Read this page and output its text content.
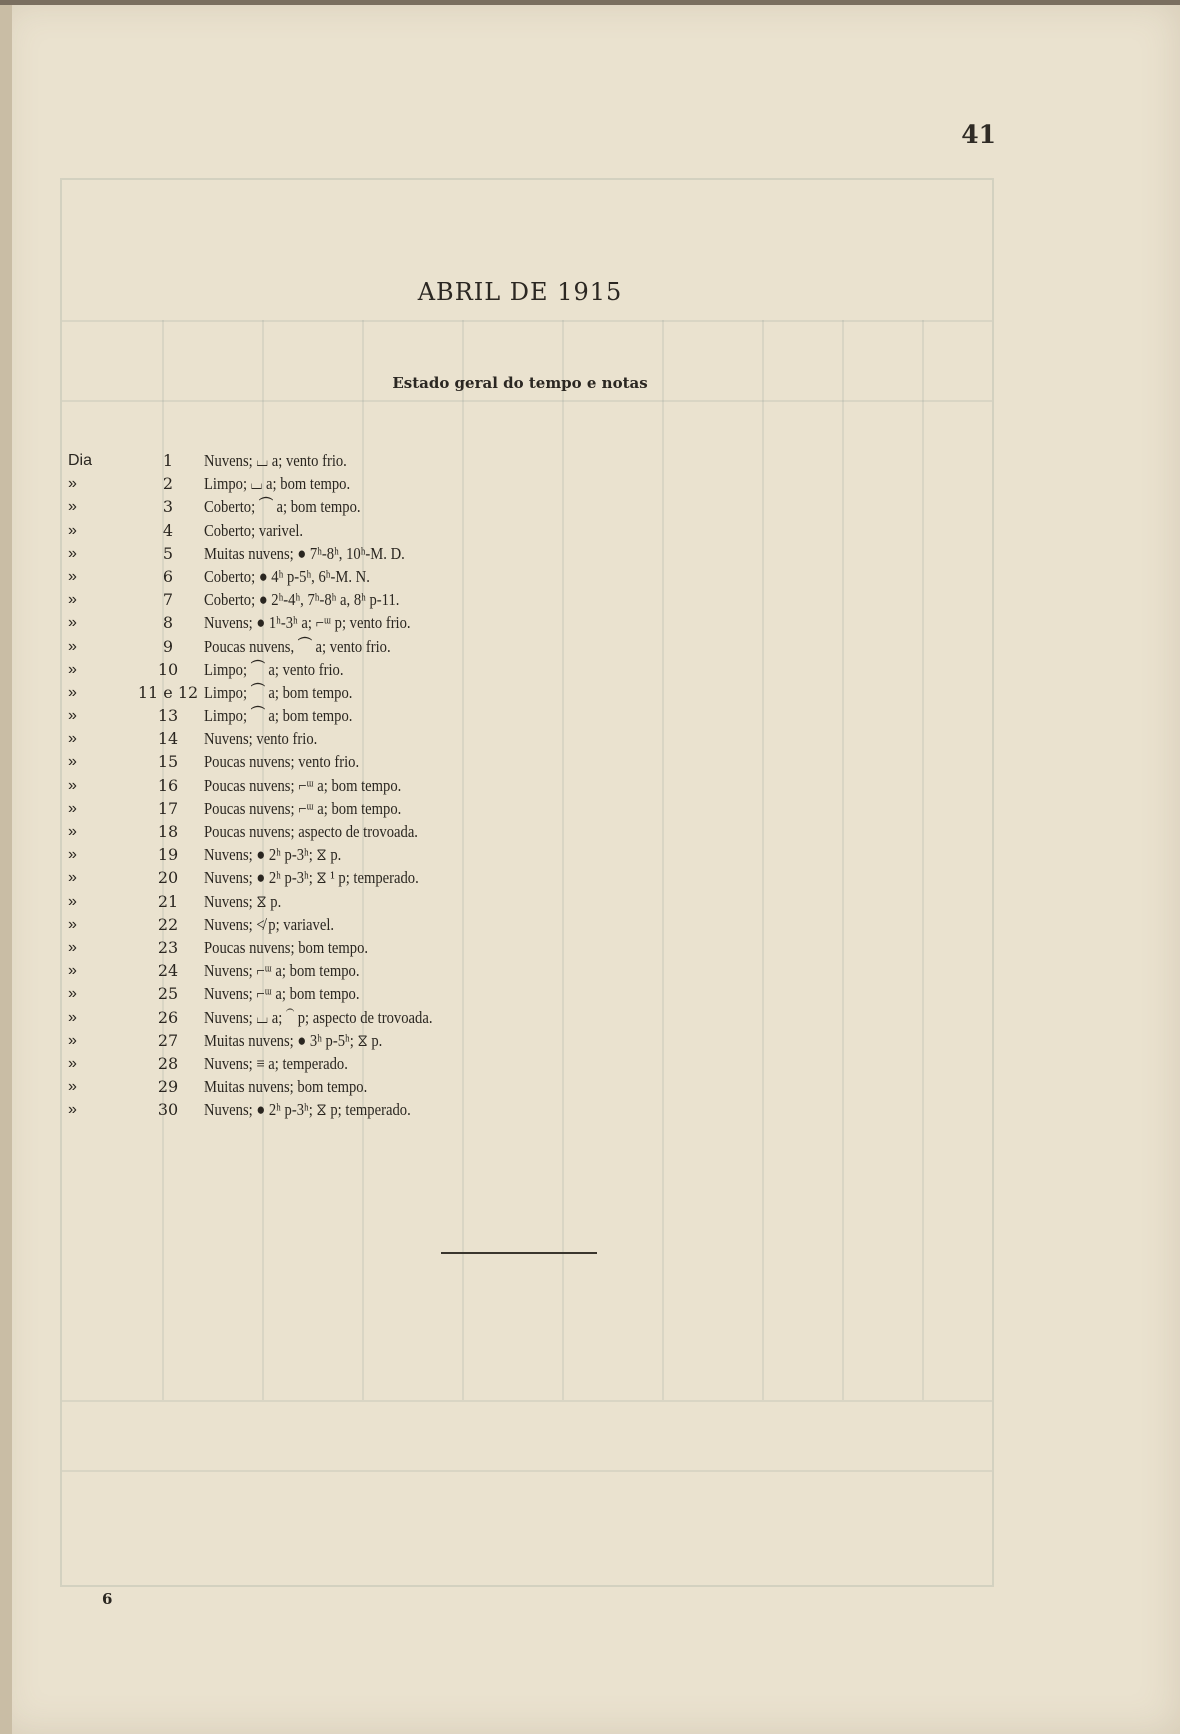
41
ABRIL DE 1915
Estado geral do tempo e notas
Dia	1	Nuvens; ⌴ a; vento frio.
»	2	Limpo; ⌴ a; bom tempo.
»	3	Coberto; ⏜ a; bom tempo.
»	4	Coberto; varivel.
»	5	Muitas nuvens; ● 7ʰ-8ʰ, 10ʰ-M. D.
»	6	Coberto; ● 4ʰ p-5ʰ, 6ʰ-M. N.
»	7	Coberto; ● 2ʰ-4ʰ, 7ʰ-8ʰ a, 8ʰ p-11.
»	8	Nuvens; ● 1ʰ-3ʰ a; ⌐ᵚ p; vento frio.
»	9	Poucas nuvens, ⏜ a; vento frio.
»	10	Limpo; ⏜ a; vento frio.
»	11 e 12 Limpo; ⏜ a; bom tempo.
»	13	Limpo; ⏜ a; bom tempo.
»	14	Nuvens; vento frio.
»	15	Poucas nuvens; vento frio.
»	16	Poucas nuvens; ⌐ᵚ a; bom tempo.
»	17	Poucas nuvens; ⌐ᵚ a; bom tempo.
»	18	Poucas nuvens; aspecto de trovoada.
»	19	Nuvens; ● 2ʰ p-3ʰ; ⧖ p.
»	20	Nuvens; ● 2ʰ p-3ʰ; ⧖ ¹ p; temperado.
»	21	Nuvens; ⧖ p.
»	22	Nuvens; ≮ p; variavel.
»	23	Poucas nuvens; bom tempo.
»	24	Nuvens; ⌐ᵚ a; bom tempo.
»	25	Nuvens; ⌐ᵚ a; bom tempo.
»	26	Nuvens; ⌴ a; ⏜ p; aspecto de trovoada.
»	27	Muitas nuvens; ● 3ʰ p-5ʰ; ⧖ p.
»	28	Nuvens; ≡ a; temperado.
»	29	Muitas nuvens; bom tempo.
»	30	Nuvens; ● 2ʰ p-3ʰ; ⧖ p; temperado.
6
